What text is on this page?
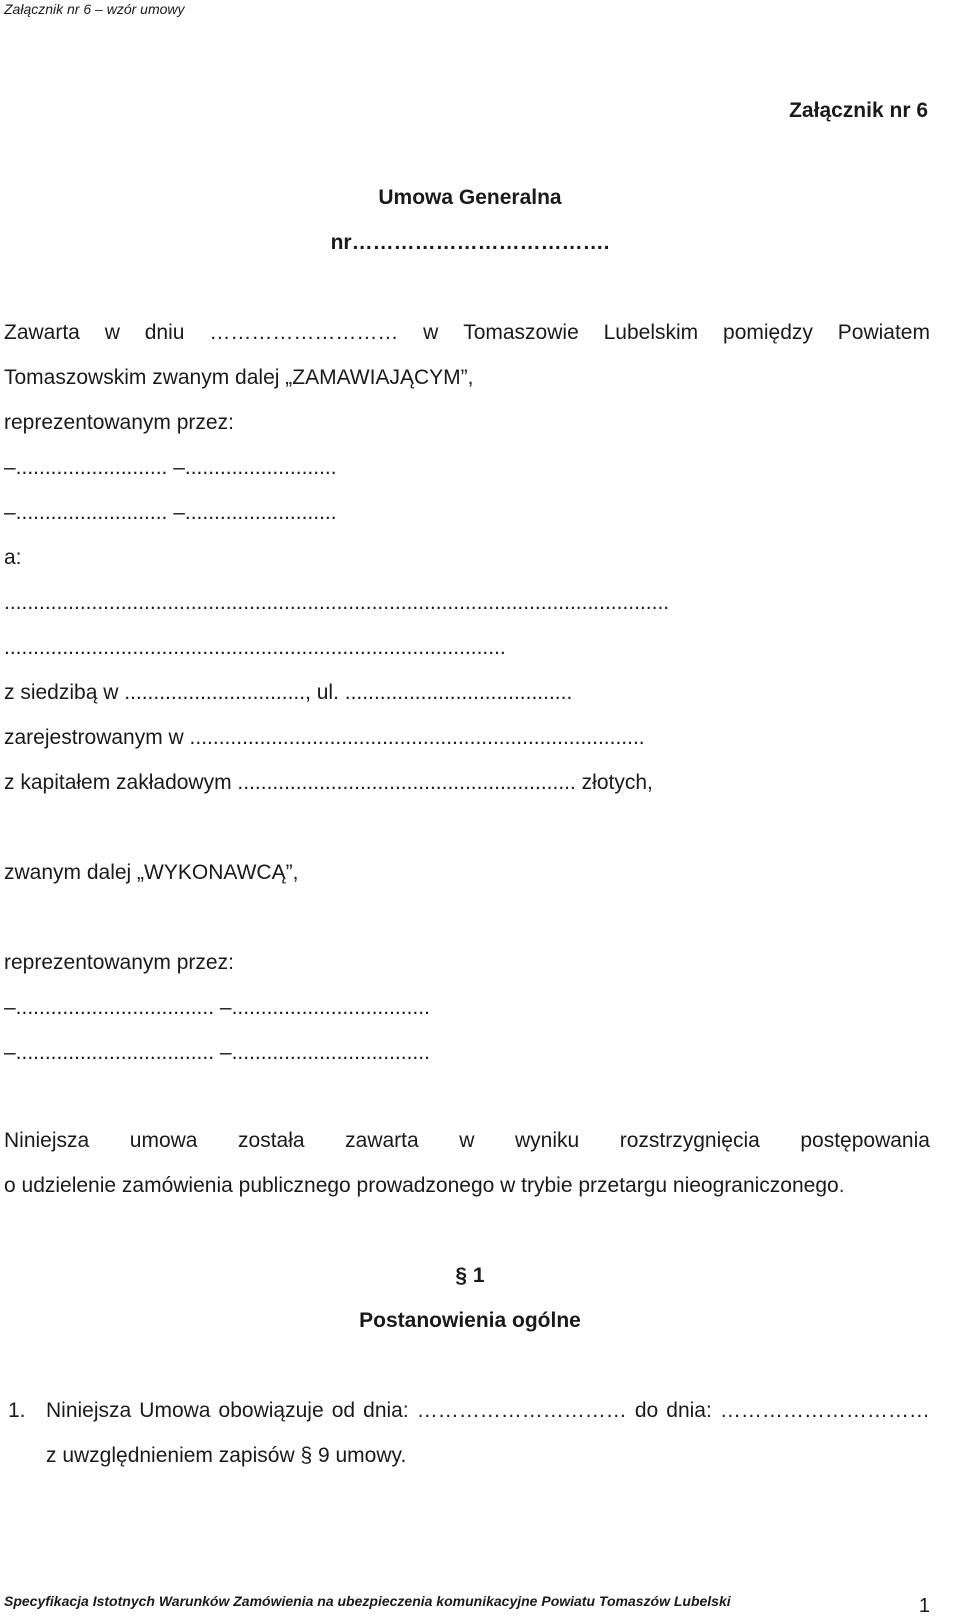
Załącznik nr 6 – wzór umowy
Załącznik nr 6
Umowa Generalna
nr……………………………….
Zawarta w dniu ……………………… w Tomaszowie Lubelskim pomiędzy Powiatem
Tomaszowskim zwanym dalej „ZAMAWIAJĄCYM”,
reprezentowanym przez:
–.......................... –..........................
–.......................... –..........................
a:
..................................................................................................................
......................................................................................
z siedzibą w ..............................., ul. .......................................
zarejestrowanym w ..............................................................................
z kapitałem zakładowym .......................................................... złotych,
zwanym dalej „WYKONAWCĄ”,
reprezentowanym przez:
–.................................. –..................................
–.................................. –..................................
Niniejsza umowa została zawarta w wyniku rozstrzygnięcia postępowania
o udzielenie zamówienia publicznego prowadzonego w trybie przetargu nieograniczonego.
§ 1
Postanowienia ogólne
1. Niniejsza Umowa obowiązuje od dnia: ………………………… do dnia: …………………………
z uwzględnieniem zapisów § 9 umowy.
Specyfikacja Istotnych Warunków Zamówienia na ubezpieczenia komunikacyjne Powiatu Tomaszów Lubelski	1
